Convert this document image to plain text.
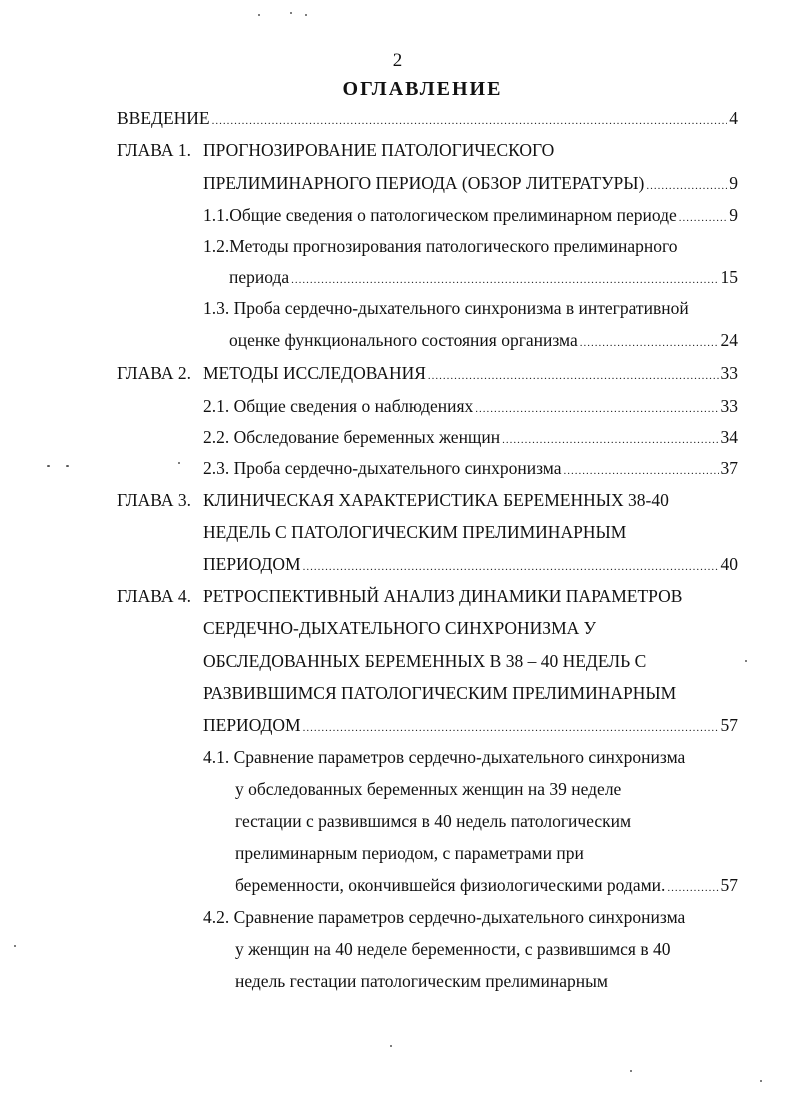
2
ОГЛАВЛЕНИЕ
ВВЕДЕНИЕ .....	4
ГЛАВА 1. ПРОГНОЗИРОВАНИЕ ПАТОЛОГИЧЕСКОГО
ПРЕЛИМИНАРНОГО ПЕРИОДА (ОБЗОР ЛИТЕРАТУРЫ) .....	9
1.1.Общие сведения о патологическом прелиминарном периоде .....	9
1.2.Методы прогнозирования патологического прелиминарного
периода .....	15
1.3. Проба сердечно-дыхательного синхронизма в интегративной
оценке функционального состояния организма .....	24
ГЛАВА 2. МЕТОДЫ ИССЛЕДОВАНИЯ .....	33
2.1. Общие сведения о наблюдениях .....	33
2.2. Обследование беременных женщин .....	34
2.3. Проба сердечно-дыхательного синхронизма .....	37
ГЛАВА 3. КЛИНИЧЕСКАЯ ХАРАКТЕРИСТИКА БЕРЕМЕННЫХ 38-40
НЕДЕЛЬ С ПАТОЛОГИЧЕСКИМ ПРЕЛИМИНАРНЫМ
ПЕРИОДОМ .....	40
ГЛАВА 4. РЕТРОСПЕКТИВНЫЙ АНАЛИЗ ДИНАМИКИ ПАРАМЕТРОВ
СЕРДЕЧНО-ДЫХАТЕЛЬНОГО СИНХРОНИЗМА У
ОБСЛЕДОВАННЫХ БЕРЕМЕННЫХ В 38 – 40 НЕДЕЛЬ С
РАЗВИВШИМСЯ ПАТОЛОГИЧЕСКИМ ПРЕЛИМИНАРНЫМ
ПЕРИОДОМ .....	57
4.1. Сравнение параметров сердечно-дыхательного синхронизма
у обследованных беременных женщин на 39 неделе
гестации с развившимся в 40 недель патологическим
прелиминарным периодом, с параметрами при
беременности, окончившейся физиологическими родами. .....	57
4.2. Сравнение параметров сердечно-дыхательного синхронизма
у женщин на 40 неделе беременности, с развившимся в 40
недель гестации патологическим прелиминарным
